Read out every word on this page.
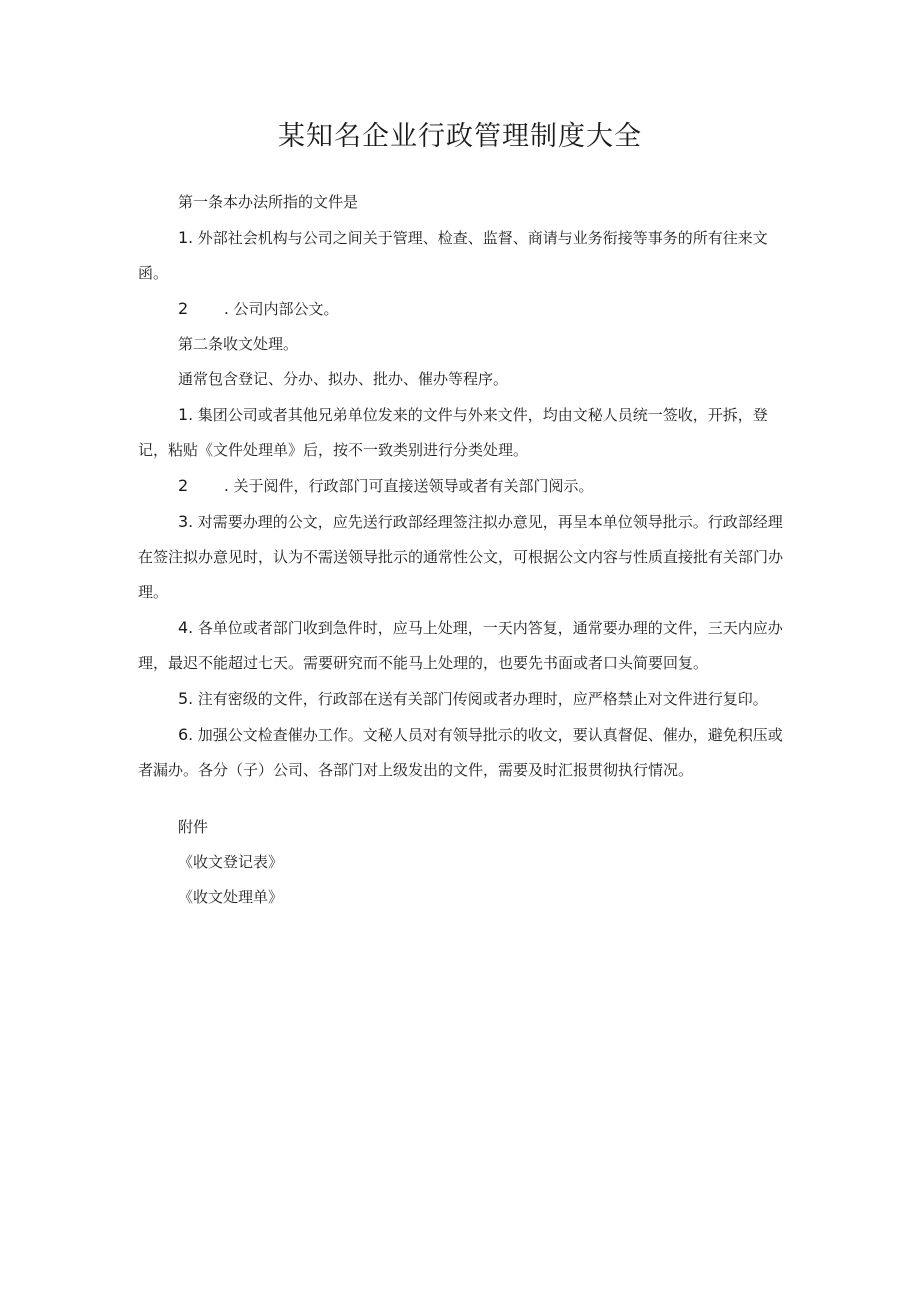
某知名企业行政管理制度大全

第一条本办法所指的文件是

1. 外部社会机构与公司之间关于管理、检查、监督、商请与业务衔接等事务的所有往来文函。

2 . 公司内部公文。

第二条收文处理。

通常包含登记、分办、拟办、批办、催办等程序。

1. 集团公司或者其他兄弟单位发来的文件与外来文件，均由文秘人员统一签收，开拆，登记，粘贴《文件处理单》后，按不一致类别进行分类处理。

2 . 关于阅件，行政部门可直接送领导或者有关部门阅示。

3. 对需要办理的公文，应先送行政部经理签注拟办意见，再呈本单位领导批示。行政部经理在签注拟办意见时，认为不需送领导批示的通常性公文，可根据公文内容与性质直接批有关部门办理。

4. 各单位或者部门收到急件时，应马上处理，一天内答复，通常要办理的文件，三天内应办理，最迟不能超过七天。需要研究而不能马上处理的，也要先书面或者口头简要回复。

5. 注有密级的文件，行政部在送有关部门传阅或者办理时，应严格禁止对文件进行复印。

6. 加强公文检查催办工作。文秘人员对有领导批示的收文，要认真督促、催办，避免积压或者漏办。各分（子）公司、各部门对上级发出的文件，需要及时汇报贯彻执行情况。

附件

《收文登记表》

《收文处理单》
